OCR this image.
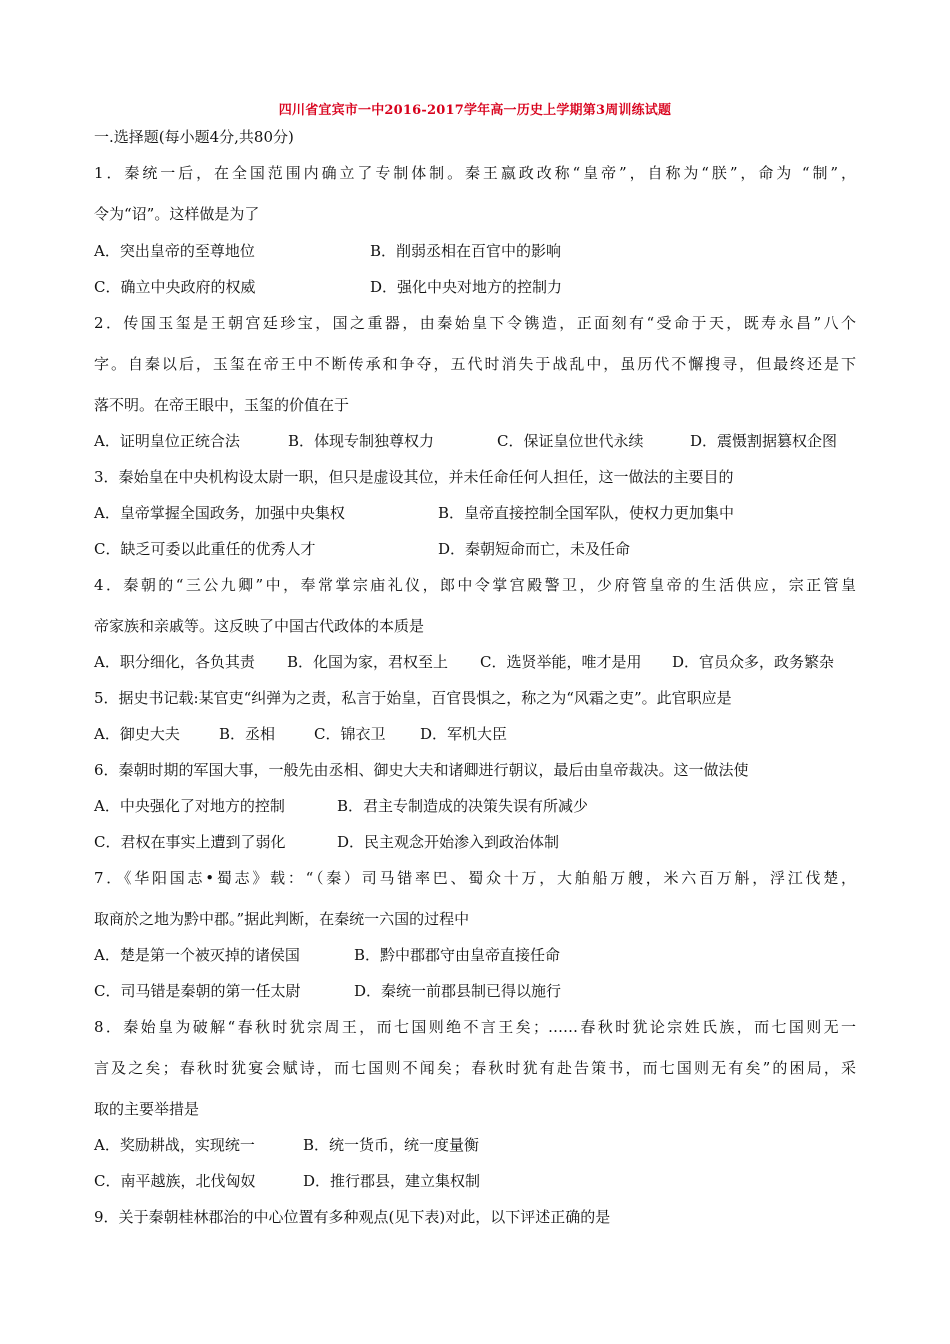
四川省宜宾市一中2016-2017学年高一历史上学期第3周训练试题
一.选择题(每小题4分,共80分)
1．秦统一后，在全国范围内确立了专制体制。秦王嬴政改称“皇帝”，自称为“朕”，命为 “制”，
令为“诏”。这样做是为了
A．突出皇帝的至尊地位	B．削弱丞相在百官中的影响
C．确立中央政府的权威	D．强化中央对地方的控制力
2．传国玉玺是王朝宫廷珍宝，国之重器，由秦始皇下令镌造，正面刻有“受命于天，既寿永昌”八个
字。自秦以后，玉玺在帝王中不断传承和争夺，五代时消失于战乱中，虽历代不懈搜寻，但最终还是下
落不明。在帝王眼中，玉玺的价值在于
A．证明皇位正统合法	B．体现专制独尊权力	C．保证皇位世代永续	D．震慑割据篡权企图
3．秦始皇在中央机构设太尉一职，但只是虚设其位，并未任命任何人担任，这一做法的主要目的
A．皇帝掌握全国政务，加强中央集权	B．皇帝直接控制全国军队，使权力更加集中
C．缺乏可委以此重任的优秀人才	D．秦朝短命而亡，未及任命
4．秦朝的“三公九卿”中，奉常掌宗庙礼仪，郎中令掌宫殿警卫，少府管皇帝的生活供应，宗正管皇
帝家族和亲戚等。这反映了中国古代政体的本质是
A．职分细化，各负其责 B．化国为家，君权至上 C．选贤举能，唯才是用 D．官员众多，政务繁杂
5．据史书记载:某官吏“纠弹为之责，私言于始皇，百官畏惧之，称之为“风霜之吏”。此官职应是
A．御史大夫	B．丞相	C．锦衣卫 D．军机大臣
6．秦朝时期的军国大事，一般先由丞相、御史大夫和诸卿进行朝议，最后由皇帝裁决。这一做法使
A．中央强化了对地方的控制	B．君主专制造成的决策失误有所减少
C．君权在事实上遭到了弱化	D．民主观念开始渗入到政治体制
7．《华阳国志•蜀志》载：“（秦）司马错率巴、蜀众十万，大舶船万艘，米六百万斛，浮江伐楚，
取商於之地为黔中郡。”据此判断，在秦统一六国的过程中
A．楚是第一个被灭掉的诸侯国	B．黔中郡郡守由皇帝直接任命
C．司马错是秦朝的第一任太尉	D．秦统一前郡县制已得以施行
8．秦始皇为破解“春秋时犹宗周王，而七国则绝不言王矣；……春秋时犹论宗姓氏族，而七国则无一
言及之矣；春秋时犹宴会赋诗，而七国则不闻矣；春秋时犹有赴告策书，而七国则无有矣”的困局，采
取的主要举措是
A．奖励耕战，实现统一	B．统一货币，统一度量衡
C．南平越族，北伐匈奴	D．推行郡县，建立集权制
9．关于秦朝桂林郡治的中心位置有多种观点(见下表)对此，以下评述正确的是
